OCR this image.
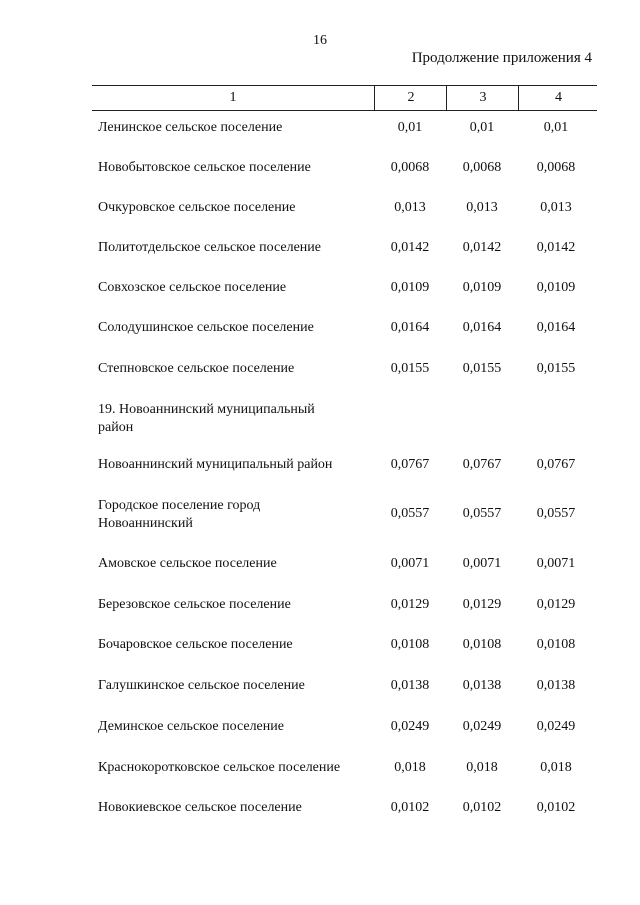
16
Продолжение приложения 4
1	2	3	4
Ленинское сельское поселение	0,01	0,01	0,01
Новобытовское сельское поселение	0,0068	0,0068	0,0068
Очкуровское сельское поселение	0,013	0,013	0,013
Политотдельское сельское поселение	0,0142	0,0142	0,0142
Совхозское сельское поселение	0,0109	0,0109	0,0109
Солодушинское сельское поселение	0,0164	0,0164	0,0164
Степновское сельское поселение	0,0155	0,0155	0,0155
19. Новоаннинский муниципальный
район
Новоаннинский муниципальный район	0,0767	0,0767	0,0767
Городское поселение город
Новоаннинский
0,0557	0,0557	0,0557
Амовское сельское поселение	0,0071	0,0071	0,0071
Березовское сельское поселение	0,0129	0,0129	0,0129
Бочаровское сельское поселение	0,0108	0,0108	0,0108
Галушкинское сельское поселение	0,0138	0,0138	0,0138
Деминское сельское поселение	0,0249	0,0249	0,0249
Краснокоротковское сельское поселение	0,018	0,018	0,018
Новокиевское сельское поселение	0,0102	0,0102	0,0102
